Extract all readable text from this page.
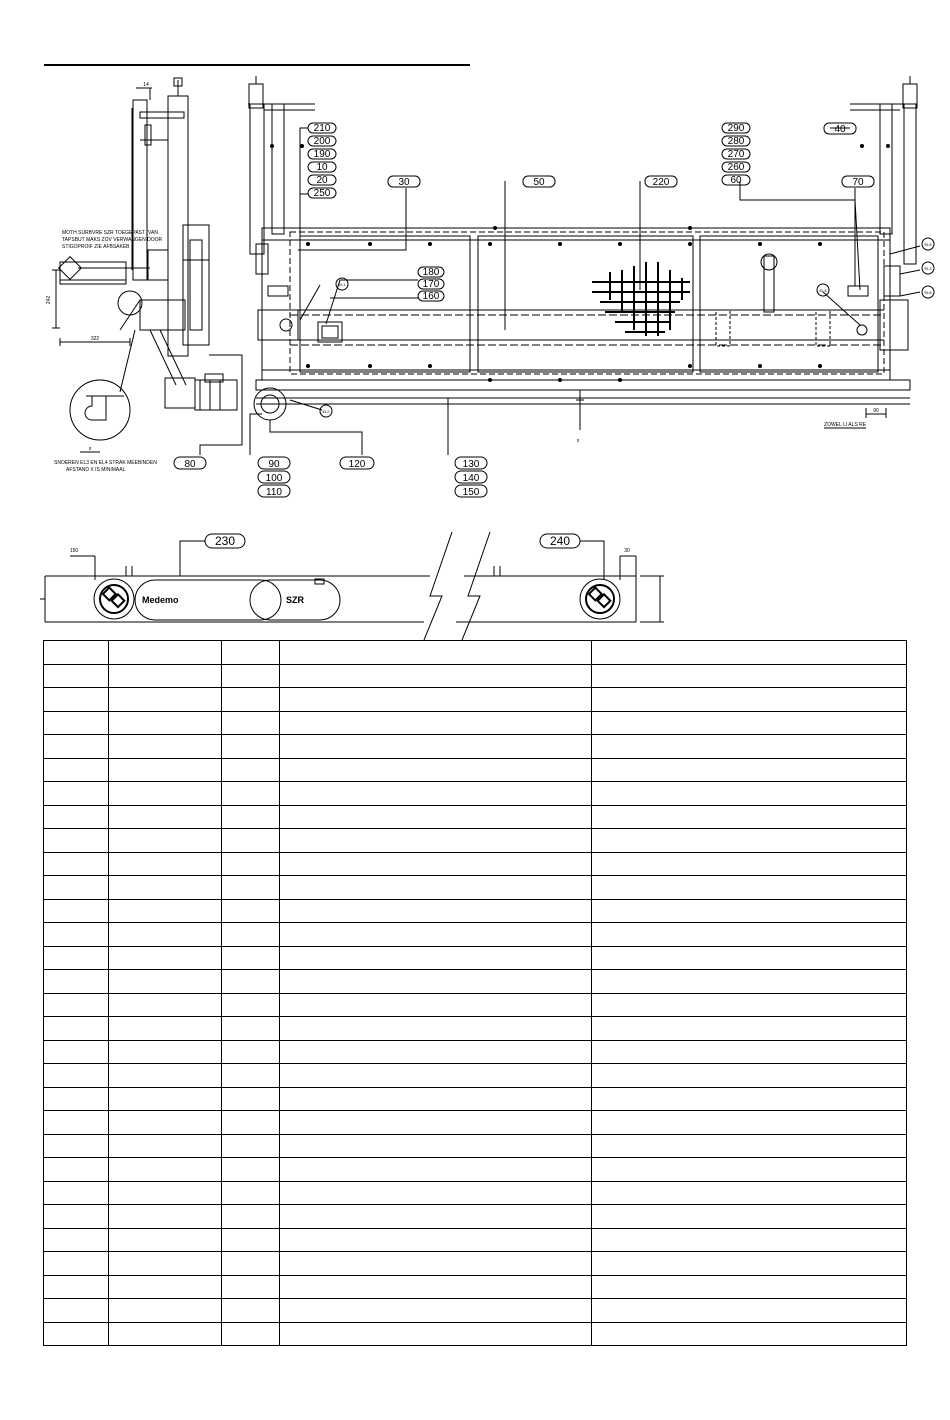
210
200
190
10
20
250
30	50	220
290
280
270
260
60
40
70
180
170
160
80	90
100
110
120	130
140
150
230	240
14
242
322
x
x
90
150	30
EL1
EL2
EL4
EL5
EL3
EL6
MOTH SURBVRE SZR TOEGEPAST (VAN
TAPSBUT MAKS ZOV VERWANGEN DOOR
STIGOPROIF ZIE AFBSAKEB
SNOEREN EL3 EN EL4 STRAK MEEBINDEN
AFSTAND X IS MINIMAAL
ZOWEL LI ALS RE
Medemo	SZR
